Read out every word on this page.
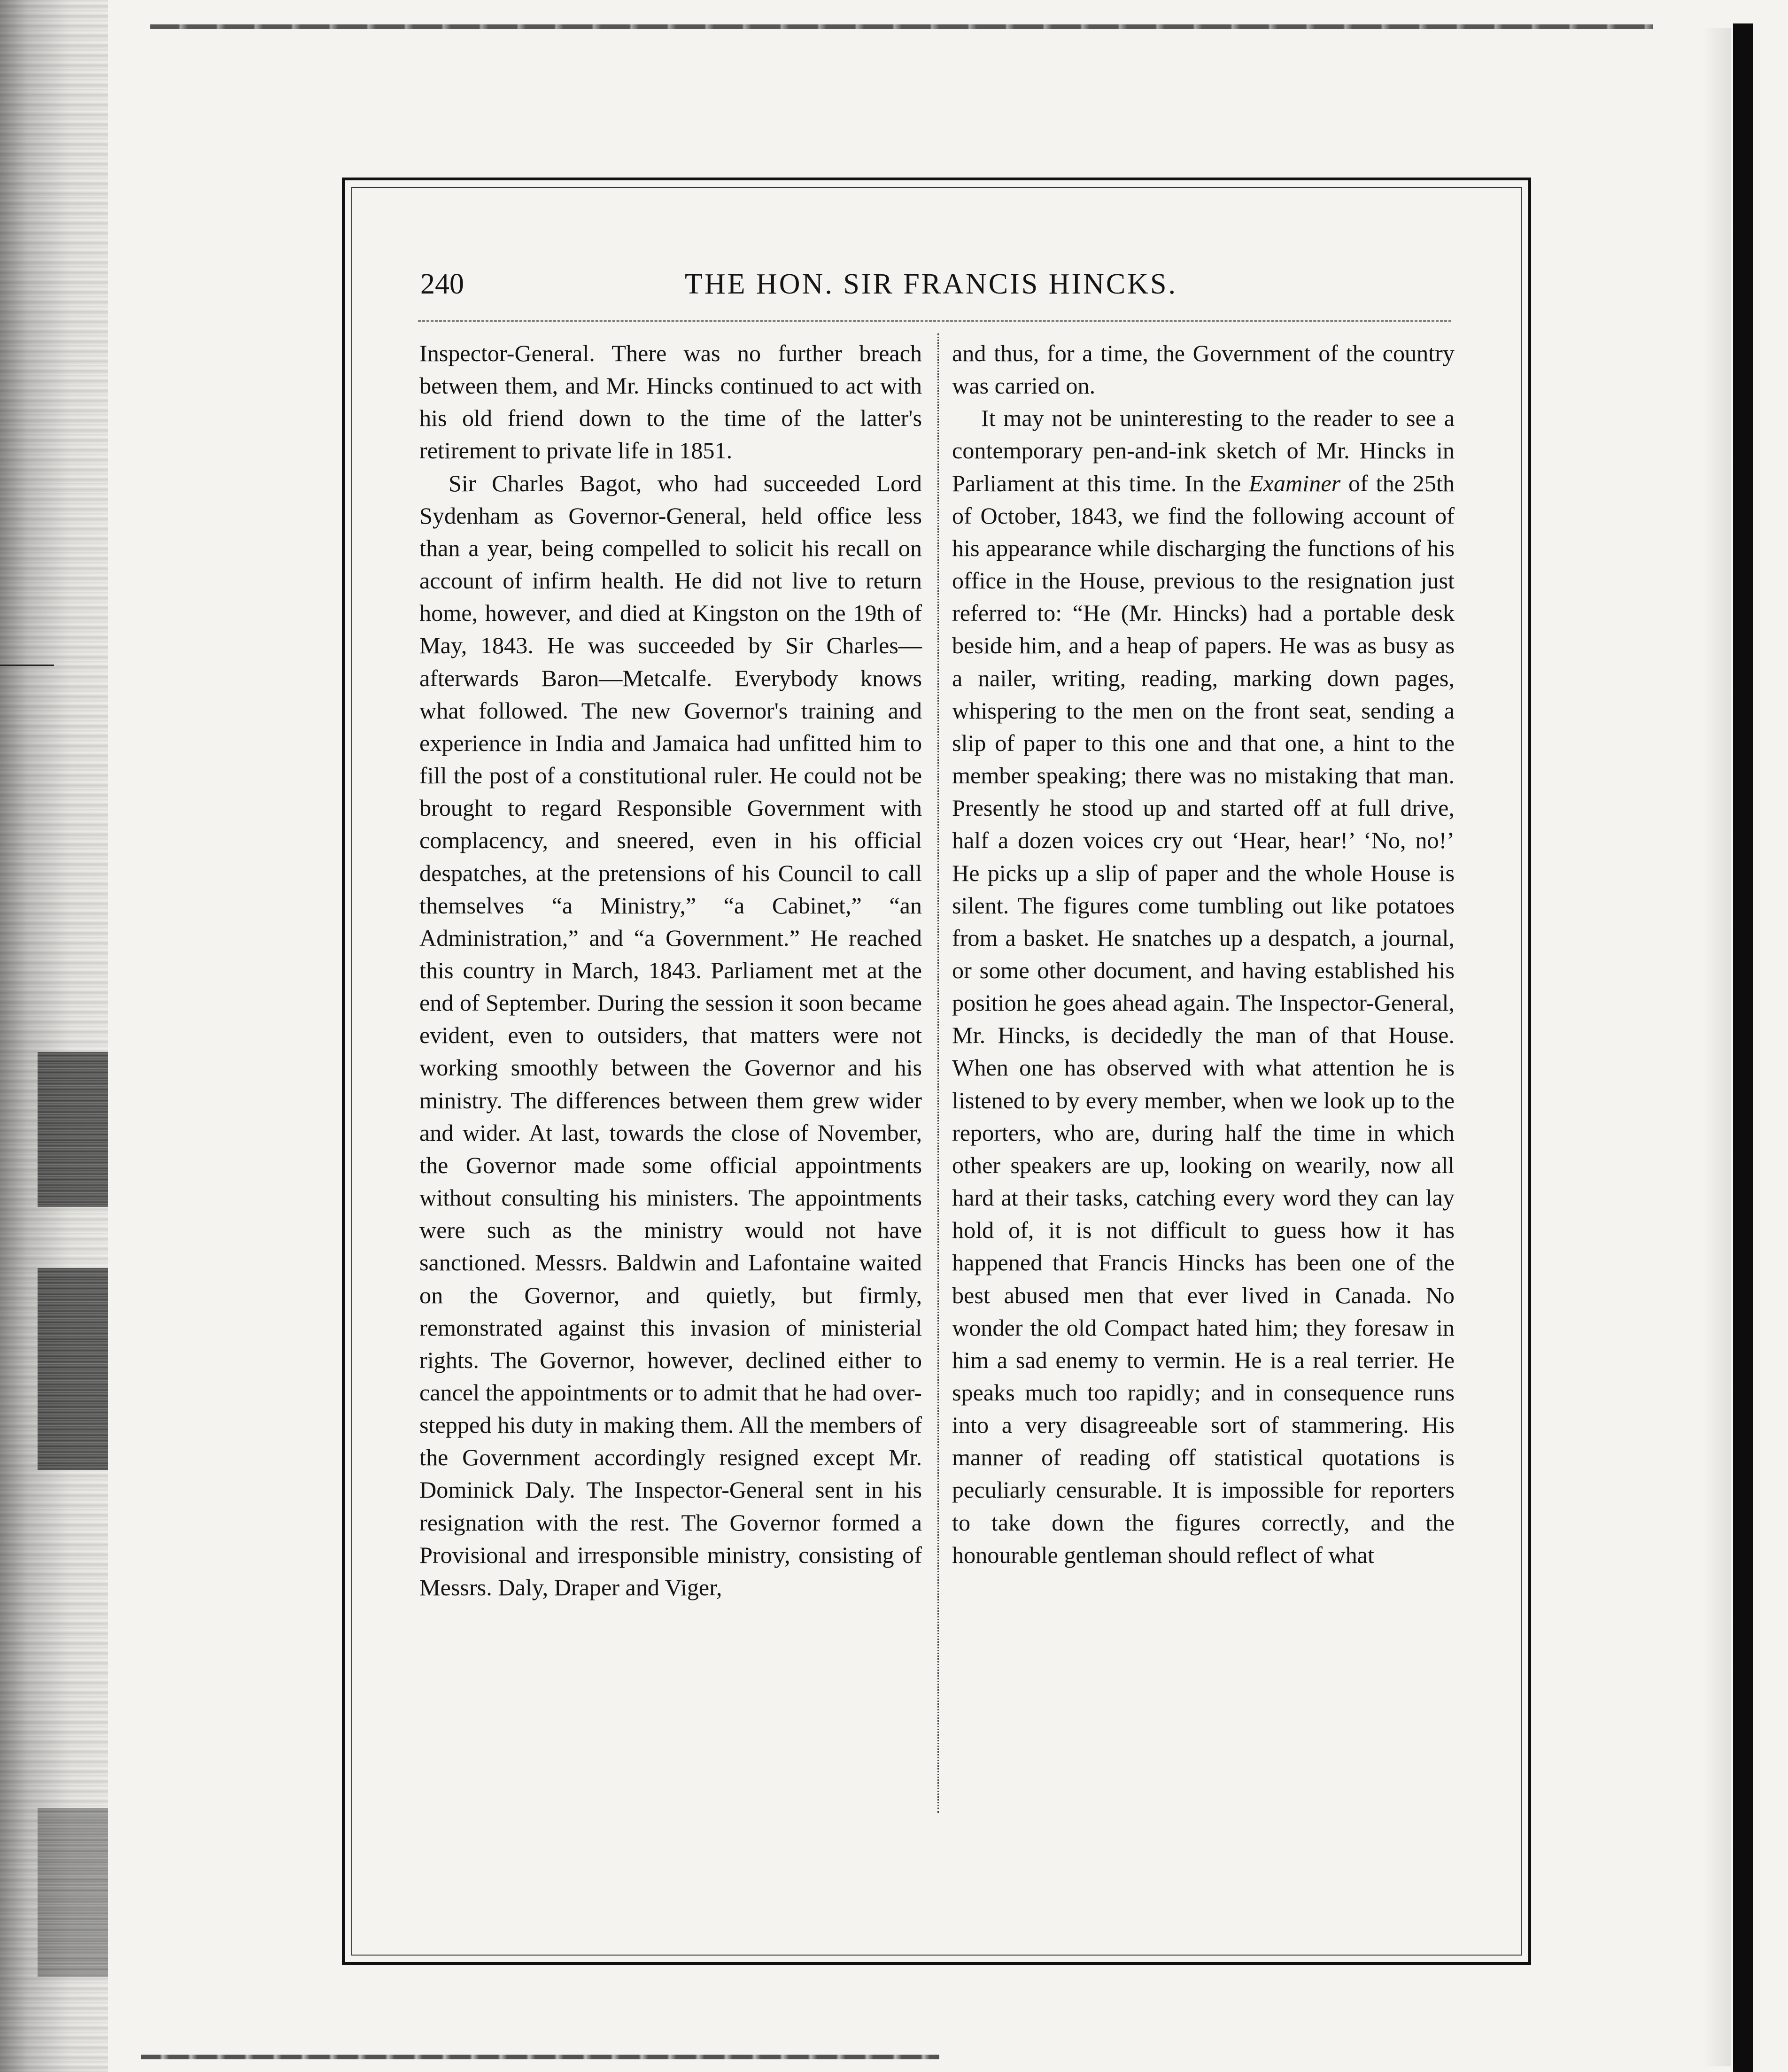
240	THE HON. SIR FRANCIS HINCKS.

Inspector-General. There was no further breach between them, and Mr. Hincks continued to act with his old friend down to the time of the latter's retirement to private life in 1851.

Sir Charles Bagot, who had succeeded Lord Sydenham as Governor-General, held office less than a year, being compelled to solicit his recall on account of infirm health. He did not live to return home, however, and died at Kingston on the 19th of May, 1843. He was succeeded by Sir Charles—afterwards Baron—Metcalfe. Everybody knows what followed. The new Governor's training and experience in India and Jamaica had unfitted him to fill the post of a constitutional ruler. He could not be brought to regard Responsible Government with complacency, and sneered, even in his official despatches, at the pretensions of his Council to call themselves “a Ministry,” “a Cabinet,” “an Administration,” and “a Government.” He reached this country in March, 1843. Parliament met at the end of September. During the session it soon became evident, even to outsiders, that matters were not working smoothly between the Governor and his ministry. The differences between them grew wider and wider. At last, towards the close of November, the Governor made some official appointments without consulting his ministers. The appointments were such as the ministry would not have sanctioned. Messrs. Baldwin and Lafontaine waited on the Governor, and quietly, but firmly, remonstrated against this invasion of ministerial rights. The Governor, however, declined either to cancel the appointments or to admit that he had over-stepped his duty in making them. All the members of the Government accordingly resigned except Mr. Dominick Daly. The Inspector-General sent in his resignation with the rest. The Governor formed a Provisional and irresponsible ministry, consisting of Messrs. Daly, Draper and Viger,

and thus, for a time, the Government of the country was carried on.

It may not be uninteresting to the reader to see a contemporary pen-and-ink sketch of Mr. Hincks in Parliament at this time. In the Examiner of the 25th of October, 1843, we find the following account of his appearance while discharging the functions of his office in the House, previous to the resignation just referred to: “He (Mr. Hincks) had a portable desk beside him, and a heap of papers. He was as busy as a nailer, writing, reading, marking down pages, whispering to the men on the front seat, sending a slip of paper to this one and that one, a hint to the member speaking; there was no mistaking that man. Presently he stood up and started off at full drive, half a dozen voices cry out ‘Hear, hear!’ ‘No, no!’ He picks up a slip of paper and the whole House is silent. The figures come tumbling out like potatoes from a basket. He snatches up a despatch, a journal, or some other document, and having established his position he goes ahead again. The Inspector-General, Mr. Hincks, is decidedly the man of that House. When one has observed with what attention he is listened to by every member, when we look up to the reporters, who are, during half the time in which other speakers are up, looking on wearily, now all hard at their tasks, catching every word they can lay hold of, it is not difficult to guess how it has happened that Francis Hincks has been one of the best abused men that ever lived in Canada. No wonder the old Compact hated him; they foresaw in him a sad enemy to vermin. He is a real terrier. He speaks much too rapidly; and in consequence runs into a very disagreeable sort of stammering. His manner of reading off statistical quotations is peculiarly censurable. It is impossible for reporters to take down the figures correctly, and the honourable gentleman should reflect of what
